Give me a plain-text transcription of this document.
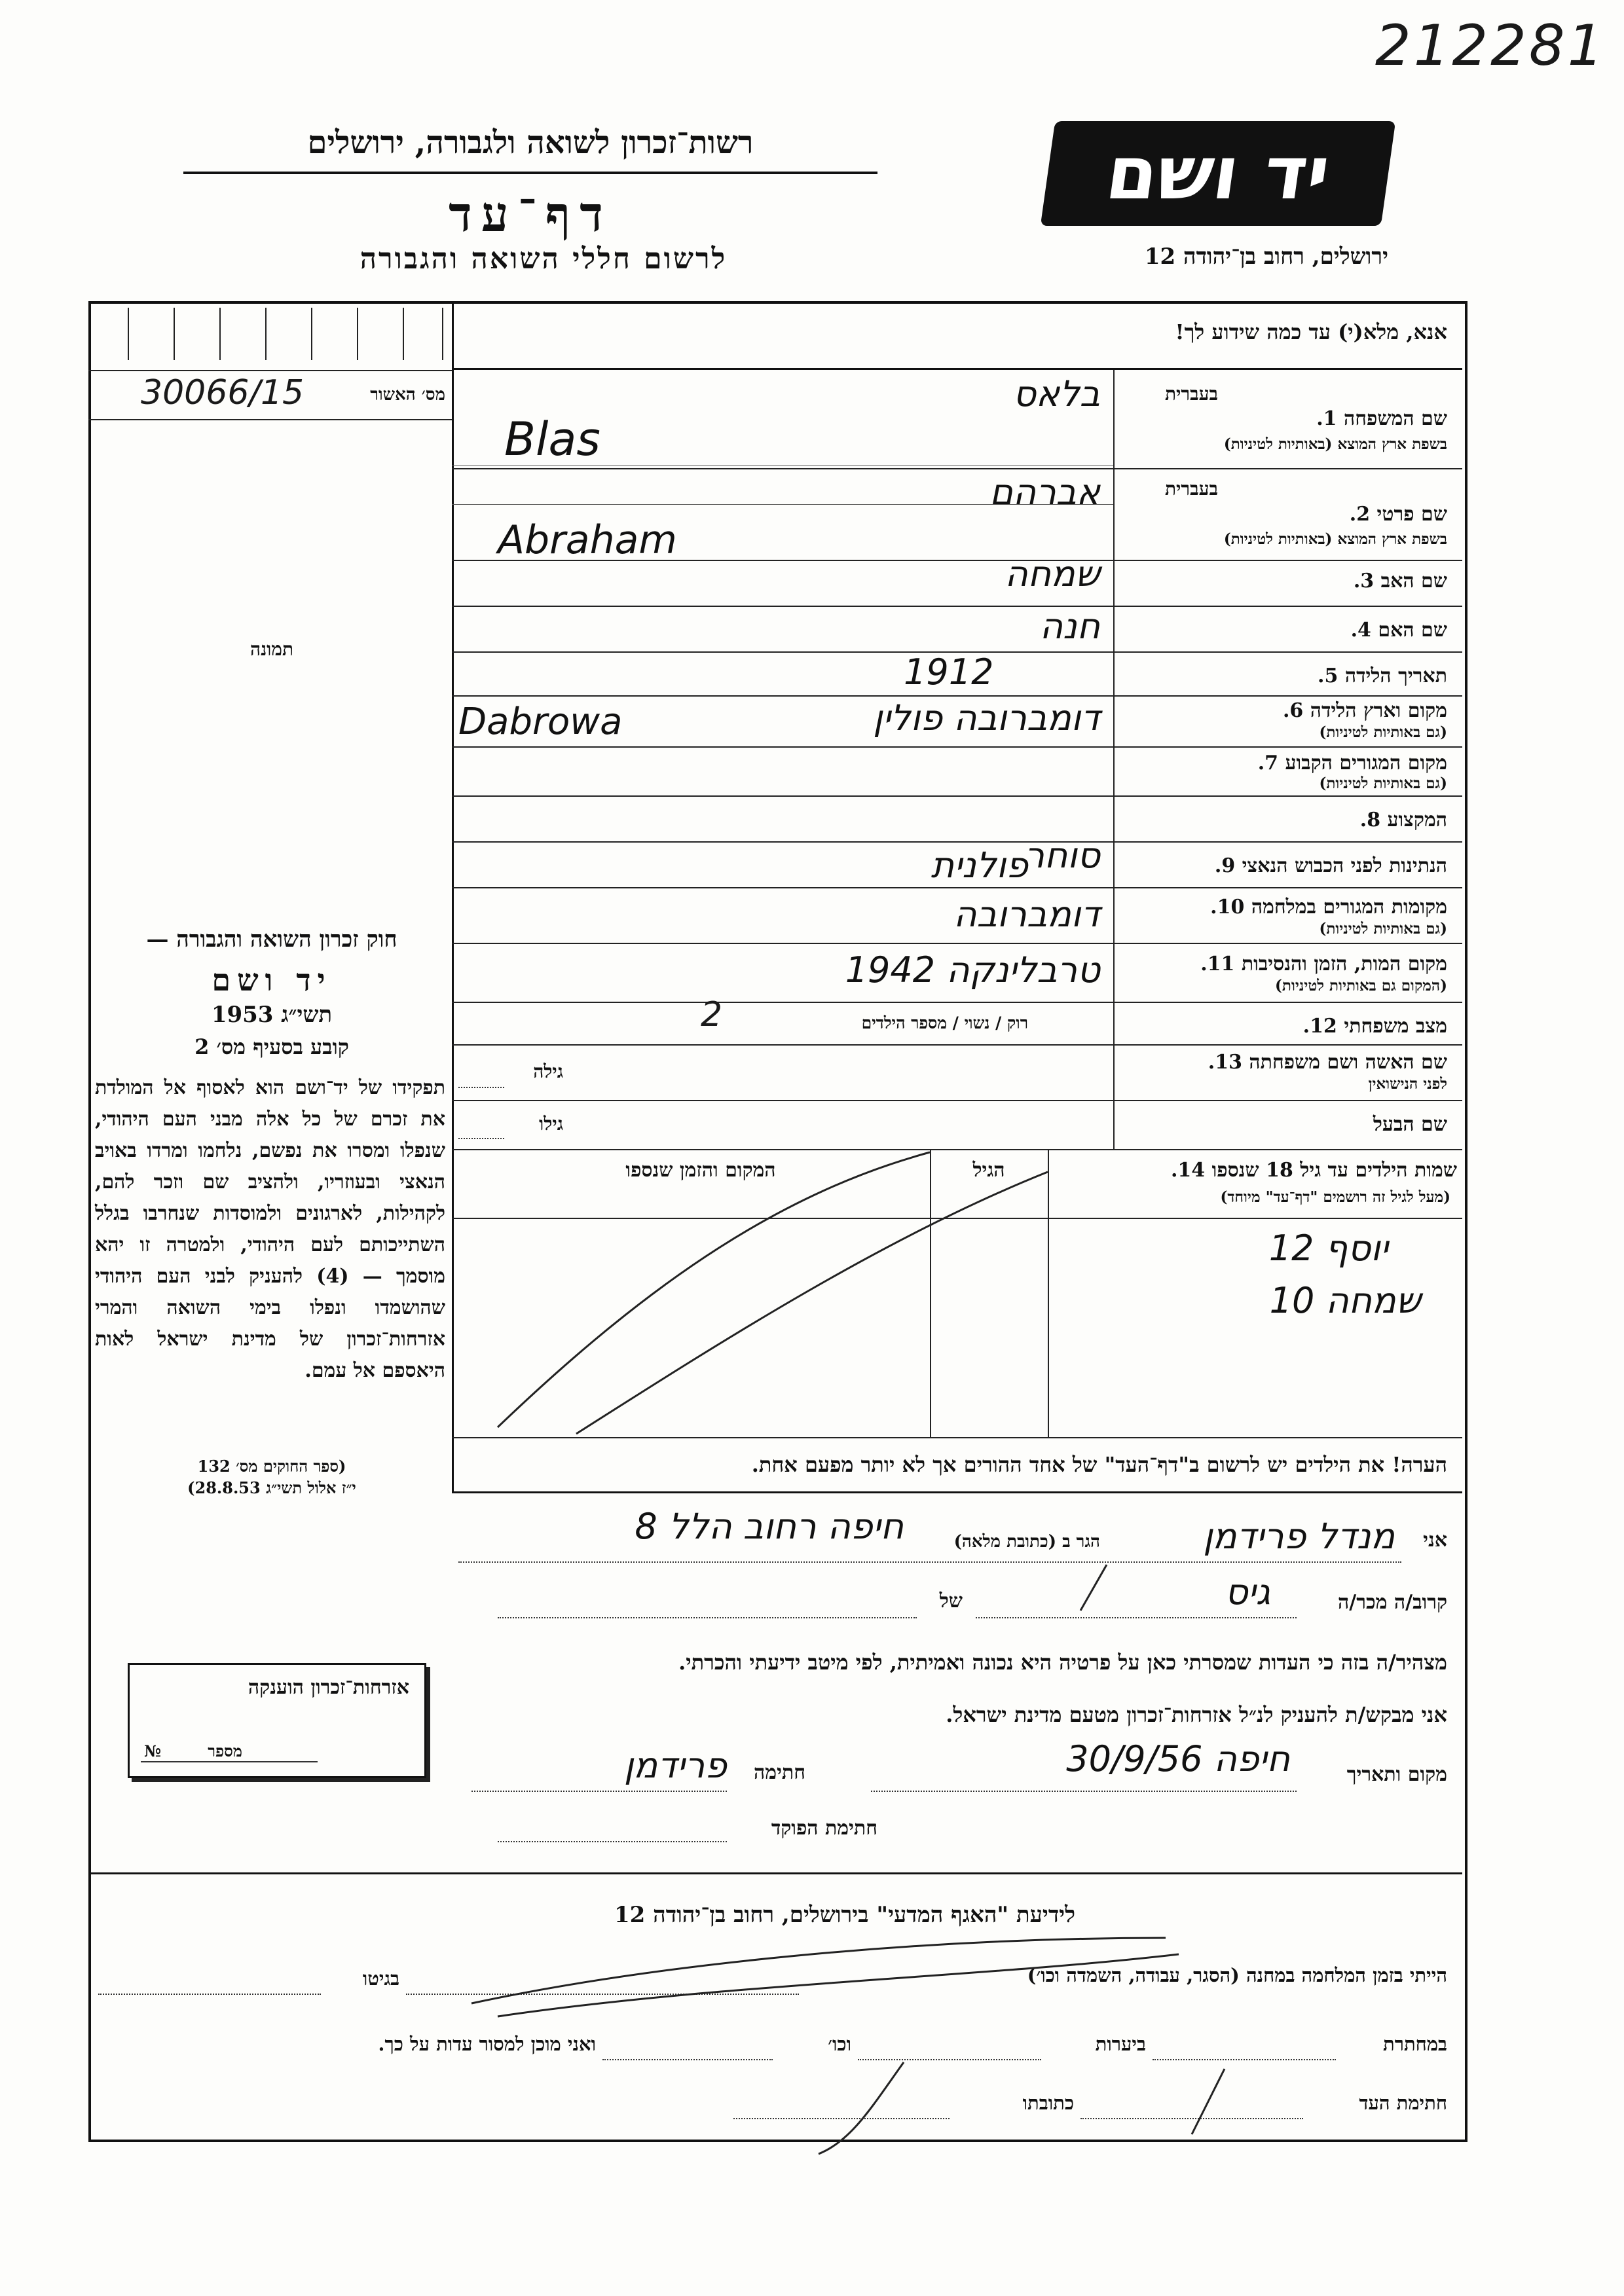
212281
רשות־זכרון לשואה ולגבורה, ירושלים
דף־עד
לרשום חללי השואה והגבורה
יד ושם
ירושלים, רחוב בן־יהודה 12
אנא, מלא(י) עד כמה שידוע לך!
מס׳ האשור
30066/15
תמונה
בעברית
שם המשפחה 1.
בשפת ארץ המוצא (באותיות לטיניות)
בלאס
Blas
בעברית
שם פרטי 2.
בשפת ארץ המוצא (באותיות לטיניות)
אברהם
Abraham
שם האב 3.
שמחה
שם האם 4.
חנה
תאריך הלידה 5.
1912
מקום וארץ הלידה 6.
(גם באותיות לטיניות)
דומברובה פולין
Dabrowa
מקום המגורים הקבוע 7.
(גם באותיות לטיניות)
המקצוע 8.
סוחר	הנתינות לפני הכבוש הנאצי 9.
פולנית
מקומות המגורים במלחמה 10.
(גם באותיות לטיניות)
דומברובה
מקום המות, הזמן והנסיבות 11.
(המקום גם באותיות לטיניות)
טרבלינקה 1942
מצב משפחתי 12.
רוק / נשוי / מספר הילדים
2
שם האשה ושם משפחתה 13.
לפני הנישואין
גילה
שם הבעל
גילו
שמות הילדים עד גיל 18 שנספו 14.
(מעל לגיל זה רושמים "דף־עד" מיוחד)
הגיל
המקום והזמן שנספו
יוסף 12
שמחה 10
הערה! את הילדים יש לרשום ב"דף־העד" של אחד ההורים אך לא יותר מפעם אחת.
חוק זכרון השואה והגבורה —
יד ושם
תשי״ג 1953
קובע בסעיף מס׳ 2
תפקידו של יד־ושם הוא לאסוף אל המולדת את זכרם של כל אלה מבני העם היהודי, שנפלו ומסרו את נפשם, נלחמו ומרדו באויב הנאצי ובעוזריו, ולהציב שם וזכר להם, לקהילות, לארגונים ולמוסדות שנחרבו בגלל השתייכותם לעם היהודי, ולמטרה זו יהא מוסמך — (4) להעניק לבני העם היהודי שהושמדו ונפלו בימי השואה והמרי אזרחות־זכרון של מדינת ישראל לאות היאספם אל עמם.
(ספר החוקים מס׳ 132
י״ז אלול תשי״ג 28.8.53)
אני
מנדל פרידמן
הגר ב (כתובת מלאה)
חיפה רחוב הלל 8
קרוב/ה מכר/ה
גיס
של
מצהיר/ה בזה כי העדות שמסרתי כאן על פרטיה היא נכונה ואמיתית, לפי מיטב ידיעתי והכרתי.
אני מבקש/ת להעניק לנ״ל אזרחות־זכרון מטעם מדינת ישראל.
מקום ותאריך
חיפה 30/9/56
חתימה
פרידמן
חתימת הפוקד
אזרחות־זכרון הוענקה
מספר
№
לידיעת "האגף המדעי" בירושלים, רחוב בן־יהודה 12
הייתי בזמן המלחמה במחנה (הסגר, עבודה, השמדה וכו׳)
בגיטו
במחתרת
ביערות
וכו׳
ואני מוכן למסור עדות על כך.
חתימת העד
כתובתו
